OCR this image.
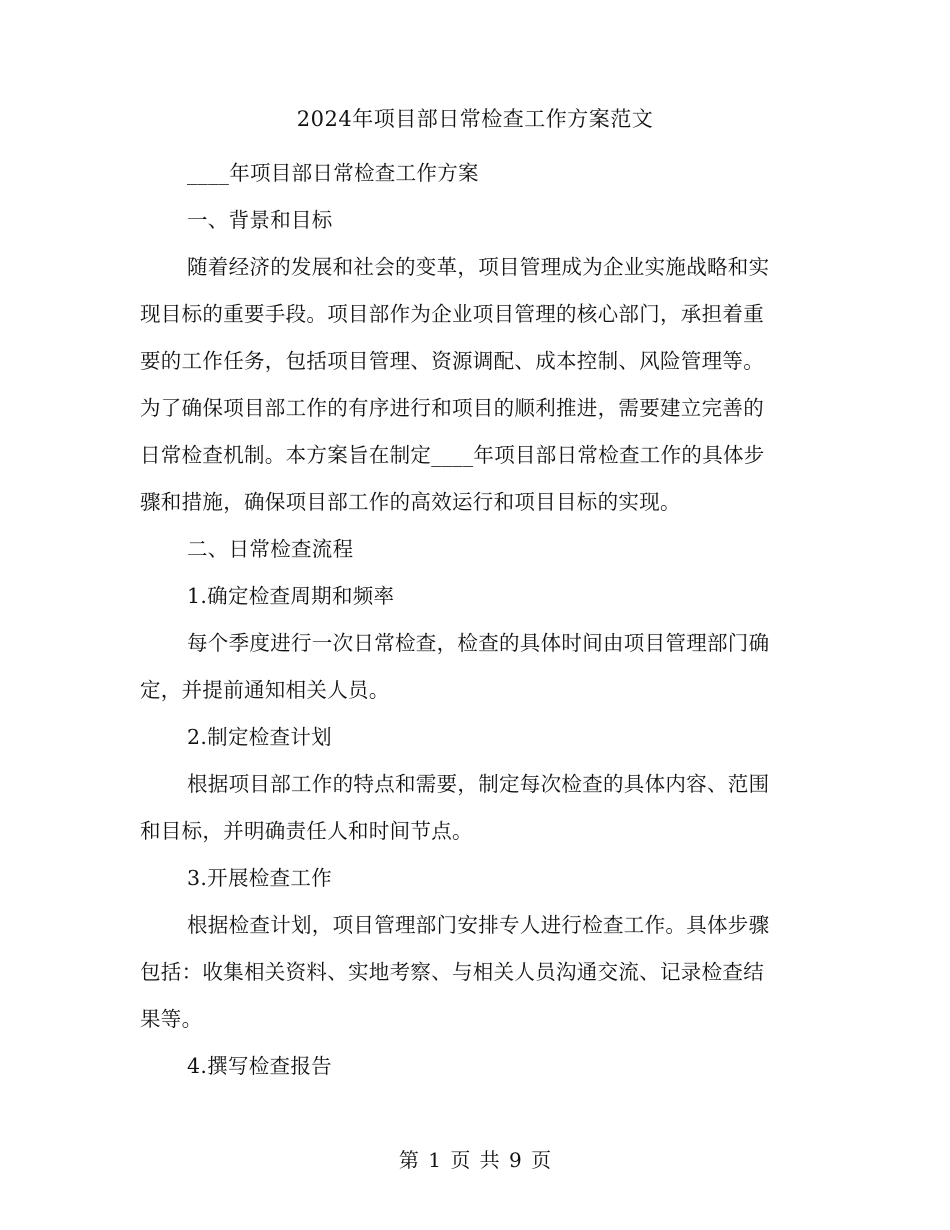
2024年项目部日常检查工作方案范文
____年项目部日常检查工作方案
一、背景和目标
随着经济的发展和社会的变革，项目管理成为企业实施战略和实
现目标的重要手段。项目部作为企业项目管理的核心部门，承担着重
要的工作任务，包括项目管理、资源调配、成本控制、风险管理等。
为了确保项目部工作的有序进行和项目的顺利推进，需要建立完善的
日常检查机制。本方案旨在制定____年项目部日常检查工作的具体步
骤和措施，确保项目部工作的高效运行和项目目标的实现。
二、日常检查流程
1.确定检查周期和频率
每个季度进行一次日常检查，检查的具体时间由项目管理部门确
定，并提前通知相关人员。
2.制定检查计划
根据项目部工作的特点和需要，制定每次检查的具体内容、范围
和目标，并明确责任人和时间节点。
3.开展检查工作
根据检查计划，项目管理部门安排专人进行检查工作。具体步骤
包括：收集相关资料、实地考察、与相关人员沟通交流、记录检查结
果等。
4.撰写检查报告
第 1 页 共 9 页
